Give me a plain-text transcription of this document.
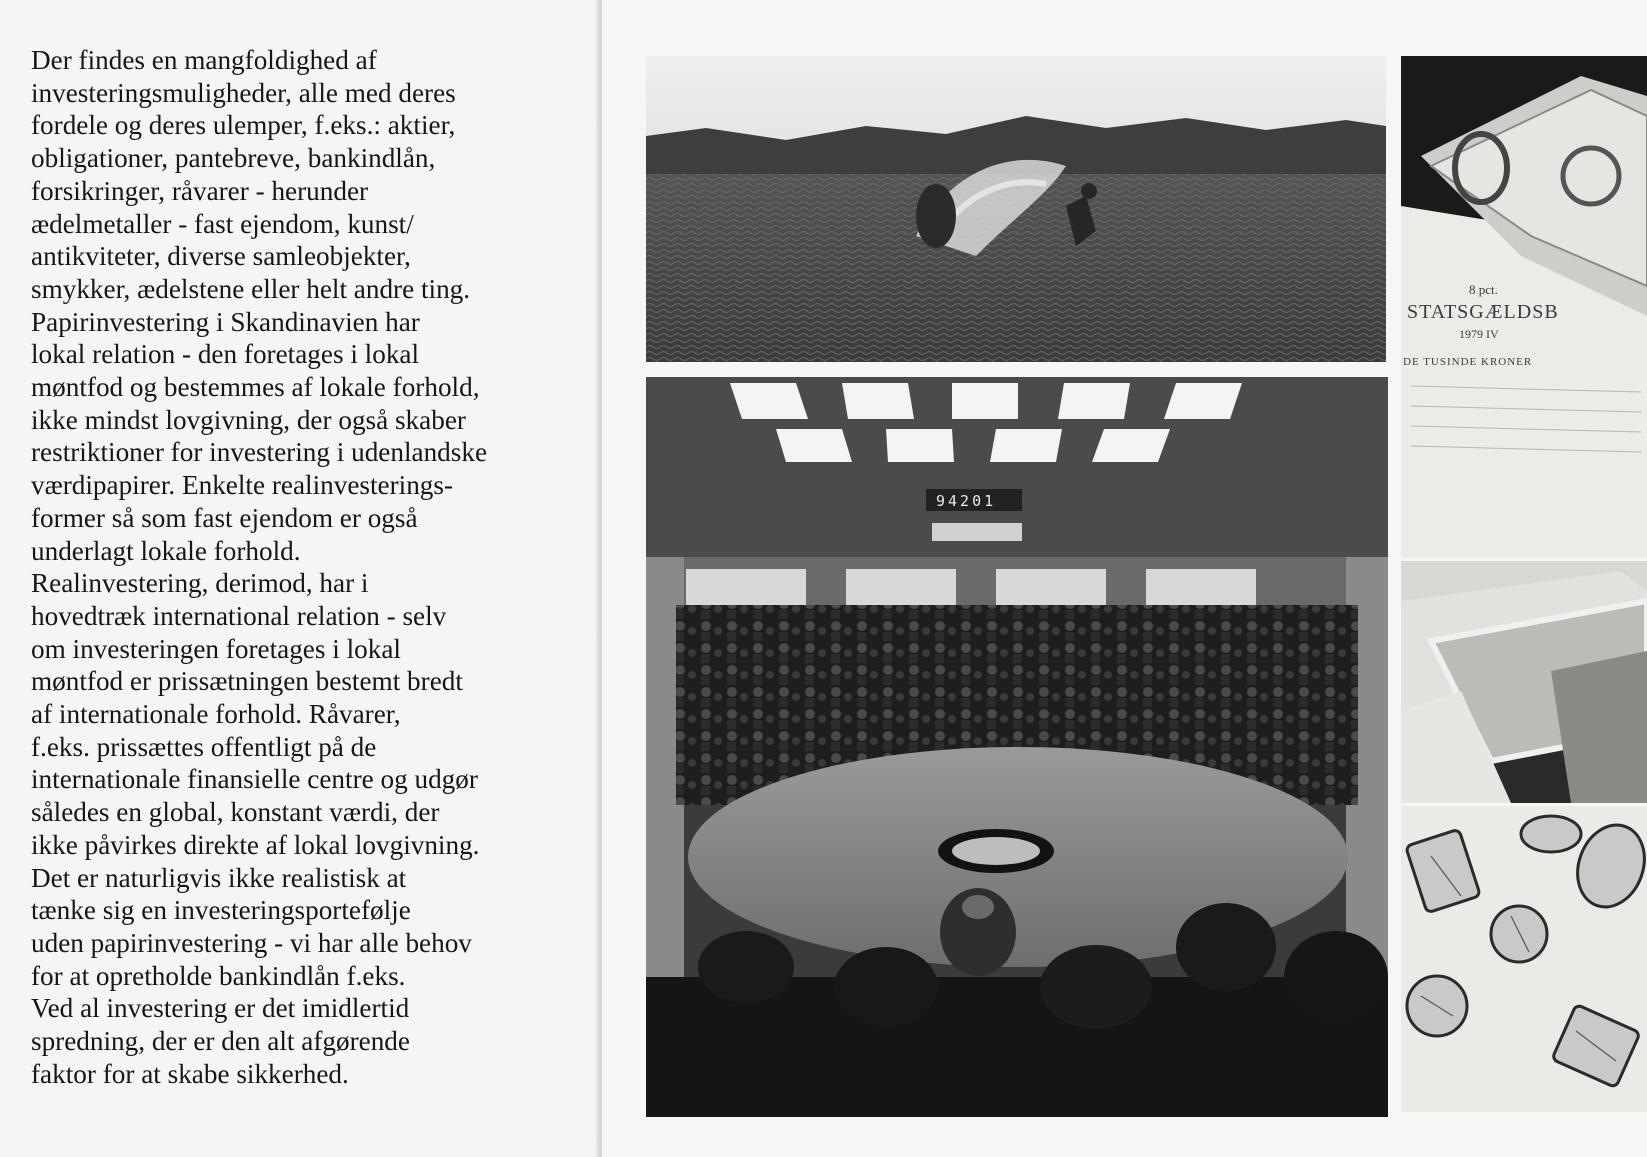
Der findes en mangfoldighed af
investeringsmuligheder, alle med deres
fordele og deres ulemper, f.eks.: aktier,
obligationer, pantebreve, bankindlån,
forsikringer, råvarer - herunder
ædelmetaller - fast ejendom, kunst/
antikviteter, diverse samleobjekter,
smykker, ædelstene eller helt andre ting.
Papirinvestering i Skandinavien har
lokal relation - den foretages i lokal
møntfod og bestemmes af lokale forhold,
ikke mindst lovgivning, der også skaber
restriktioner for investering i udenlandske
værdipapirer. Enkelte realinvesterings-
former så som fast ejendom er også
underlagt lokale forhold.
Realinvestering, derimod, har i
hovedtræk international relation - selv
om investeringen foretages i lokal
møntfod er prissætningen bestemt bredt
af internationale forhold. Råvarer,
f.eks. prissættes offentligt på de
internationale finansielle centre og udgør
således en global, konstant værdi, der
ikke påvirkes direkte af lokal lovgivning.
Det er naturligvis ikke realistisk at
tænke sig en investeringsportefølje
uden papirinvestering - vi har alle behov
for at opretholde bankindlån f.eks.
Ved al investering er det imidlertid
spredning, der er den alt afgørende
faktor for at skabe sikkerhed.

94201
8 pct.
STATSGÆLDSB
1979 IV
DE TUSINDE KRONER
